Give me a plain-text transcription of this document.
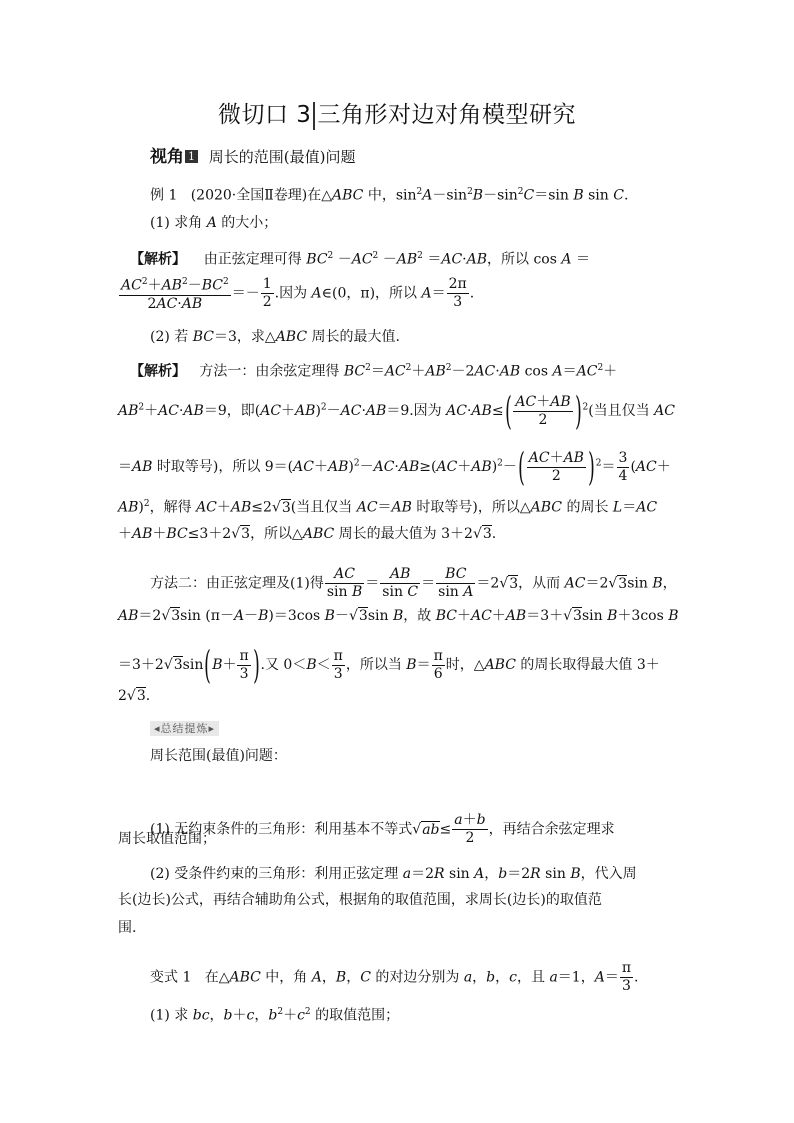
微切口 3 三角形对边对角模型研究
视角 1 周长的范围(最值)问题
例 1   (2020·全国Ⅱ卷理)在△ABC 中，$\sin^2A-\sin^2B-\sin^2C=\sin$ B sin C.
(1) 求角 A 的大小；
【解析】    由正弦定理可得 $BC^2 -AC^2 -AB^2 =AC\cdot AB$，所以 cos A ＝
$\frac{AC^2+AB^2-BC^2}{2AC\cdot AB} =- \frac{1}{2}$ .因为 A∈(0，π)，所以 $A= \frac{2\pi}{3}$ .
(2) 若 BC＝3，求△ABC 周长的最大值.
【解析】   方法一：由余弦定理得 $BC^2=AC^2+AB^2-2AC\cdot AB$ $\cos A=AC^2+$
$AB^2+AC\cdot AB=9$，即$(AC+AB)^2-AC\cdot AB=9$.因为 $AC\cdot AB\le( \frac{AC+AB}{2} )^2$(当且仅当 AC
＝AB 时取等号)，所以 $9=(AC+AB)^2-AC\cdot AB\ge(AC+AB)^2-( \frac{AC+AB}{2} )^2= \frac{3}{4} (AC+$
AB)$^2$，解得 AC＋AB≤2√3(当且仅当 AC＝AB 时取等号)，所以△ABC 的周长 L＝AC
＋AB＋BC≤3＋2√3，所以△ABC 周长的最大值为 3＋2√3.
方法二：由正弦定理及(1)得 $\frac{AC}{\text{sin B}} = \frac{AB}{\text{sin C}} = \frac{BC}{\text{sin A}} =2√3$，从而 AC＝2√3sin B，
AB＝2√3sin (π－A－B)＝3cos B－√3sin B，故 BC＋AC＋AB＝3＋√3sin B＋3cos B
$=3+2√3\sin(B+ \frac{\pi}{3}$ ).又 $0<B< \frac{\pi}{3}$ ，所以当 $B= \frac{\pi}{6}$ 时，△ABC 的周长取得最大值 3＋
2√3.
◂总结提炼▸
周长范围(最值)问题：
(1) 无约束条件的三角形：利用基本不等式$√ab\le \frac{a+b}{2}$ ，再结合余弦定理求
周长取值范围；
(2) 受条件约束的三角形：利用正弦定理 a＝2R sin A，b＝2R sin B，代入周
长(边长)公式，再结合辅助角公式，根据角的取值范围，求周长(边长)的取值范
围.
变式 1   在△ABC 中，角 A，B，C 的对边分别为 a，b，c，且 a＝1，$A= \frac{\pi}{3}$ .
(1) 求 bc，b＋c，$b^2+c^2$ 的取值范围；
